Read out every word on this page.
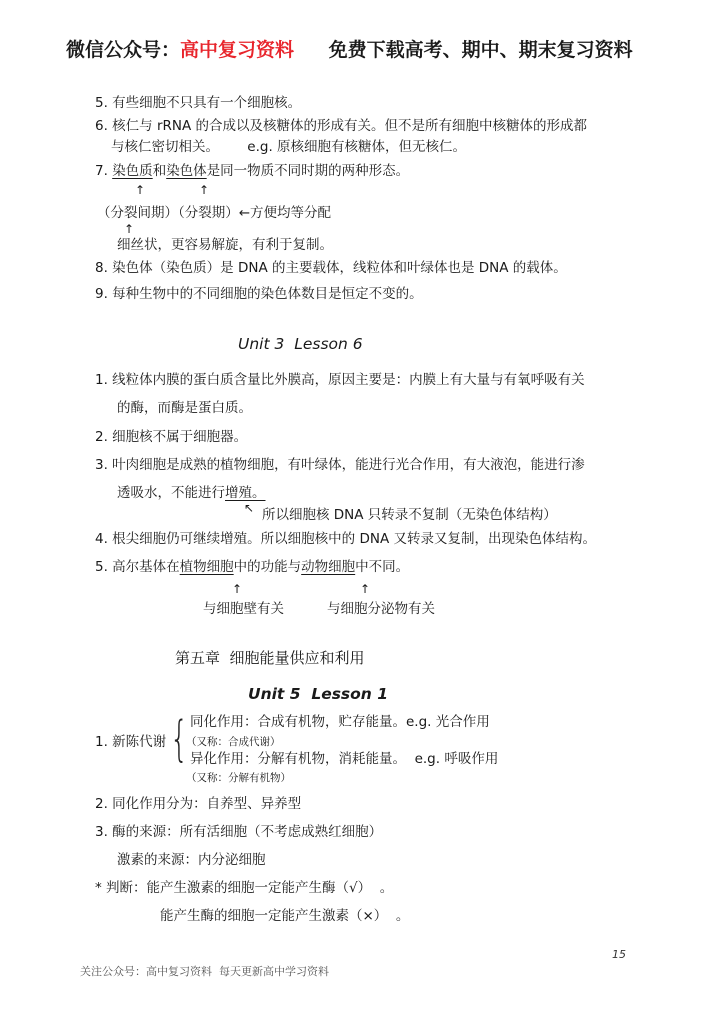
微信公众号：高中复习资料 免费下载高考、期中、期末复习资料
5. 有些细胞不只具有一个细胞核。
6. 核仁与 rRNA 的合成以及核糖体的形成有关。但不是所有细胞中核糖体的形成都
与核仁密切相关。 e.g. 原核细胞有核糖体，但无核仁。
7. 染色质和染色体是同一物质不同时期的两种形态。
↑	↑
（分裂间期）（分裂期）←方便均等分配
↑
细丝状，更容易解旋，有利于复制。
8. 染色体（染色质）是 DNA 的主要载体，线粒体和叶绿体也是 DNA 的载体。
9. 每种生物中的不同细胞的染色体数目是恒定不变的。
Unit 3  Lesson 6
1. 线粒体内膜的蛋白质含量比外膜高，原因主要是：内膜上有大量与有氧呼吸有关
的酶，而酶是蛋白质。
2. 细胞核不属于细胞器。
3. 叶肉细胞是成熟的植物细胞，有叶绿体，能进行光合作用，有大液泡，能进行渗
透吸水，不能进行增殖。
↖ 所以细胞核 DNA 只转录不复制（无染色体结构）
4. 根尖细胞仍可继续增殖。所以细胞核中的 DNA 又转录又复制，出现染色体结构。
5. 高尔基体在植物细胞中的功能与动物细胞中不同。
↑	↑
与细胞壁有关	与细胞分泌物有关
第五章  细胞能量供应和利用
Unit 5  Lesson 1
1. 新陈代谢 { 同化作用：合成有机物，贮存能量。e.g. 光合作用
（又称：合成代谢）
异化作用：分解有机物，消耗能量。  e.g. 呼吸作用
（又称：分解有机物）
2. 同化作用分为：自养型、异养型
3. 酶的来源：所有活细胞（不考虑成熟红细胞）
激素的来源：内分泌细胞
* 判断：能产生激素的细胞一定能产生酶（√）  。
能产生酶的细胞一定能产生激素（×）  。
15
关注公众号：高中复习资料  每天更新高中学习资料
